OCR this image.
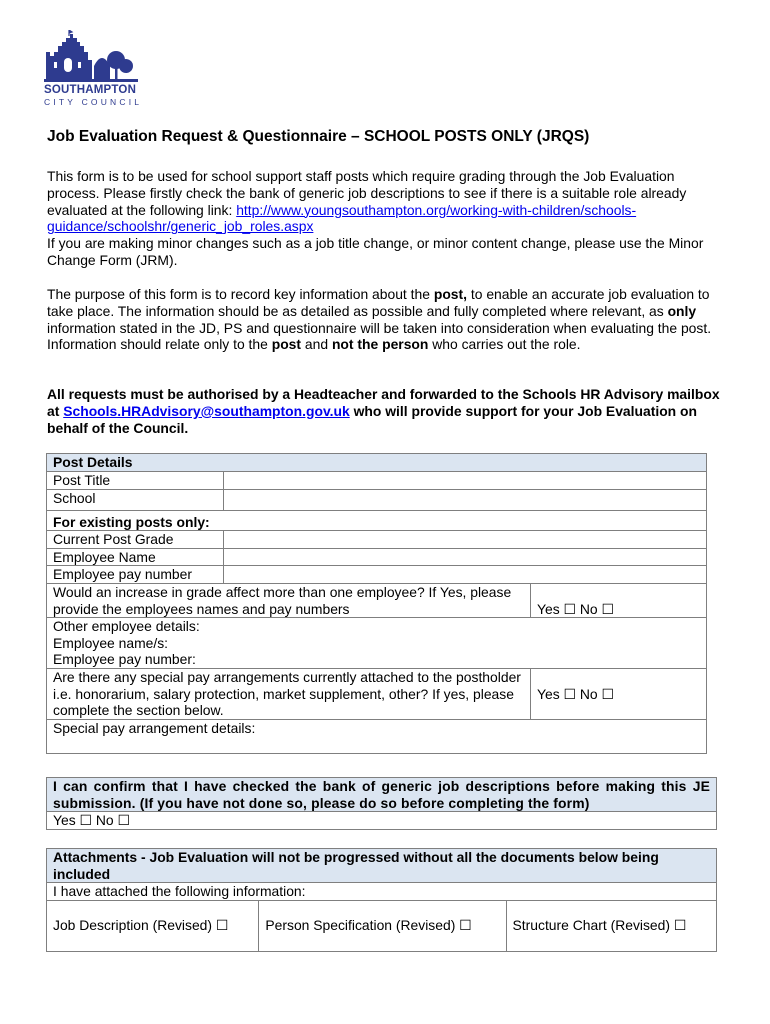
SOUTHAMPTON
CITY COUNCIL
Job Evaluation Request & Questionnaire – SCHOOL POSTS ONLY (JRQS)
This form is to be used for school support staff posts which require grading through the Job Evaluation process. Please firstly check the bank of generic job descriptions to see if there is a suitable role already evaluated at the following link: http://www.youngsouthampton.org/working-with-children/schools-guidance/schoolshr/generic_job_roles.aspx
If you are making minor changes such as a job title change, or minor content change, please use the Minor Change Form (JRM).
The purpose of this form is to record key information about the post, to enable an accurate job evaluation to take place. The information should be as detailed as possible and fully completed where relevant, as only information stated in the JD, PS and questionnaire will be taken into consideration when evaluating the post. Information should relate only to the post and not the person who carries out the role.
All requests must be authorised by a Headteacher and forwarded to the Schools HR Advisory mailbox at Schools.HRAdvisory@southampton.gov.uk who will provide support for your Job Evaluation on behalf of the Council.
Post Details		
Post Title		
School		
For existing posts only:		
Current Post Grade		
Employee Name		
Employee pay number		
Would an increase in grade affect more than one employee? If Yes, please provide the employees names and pay numbers		Yes ☐ No ☐

Other employee details:
Employee name/s:
Employee pay number:		

Are there any special pay arrangements currently attached to the postholder i.e. honorarium, salary protection, market supplement, other? If yes, please complete the section below.		Yes ☐ No ☐
Special pay arrangement details:		
I can confirm that I have checked the bank of generic job descriptions before making this JE submission. (If you have not done so, please do so before completing the form)
Yes ☐ No ☐
Attachments - Job Evaluation will not be progressed without all the documents below being included
I have attached the following information:
Job Description (Revised) ☐	Person Specification (Revised) ☐	Structure Chart (Revised) ☐
